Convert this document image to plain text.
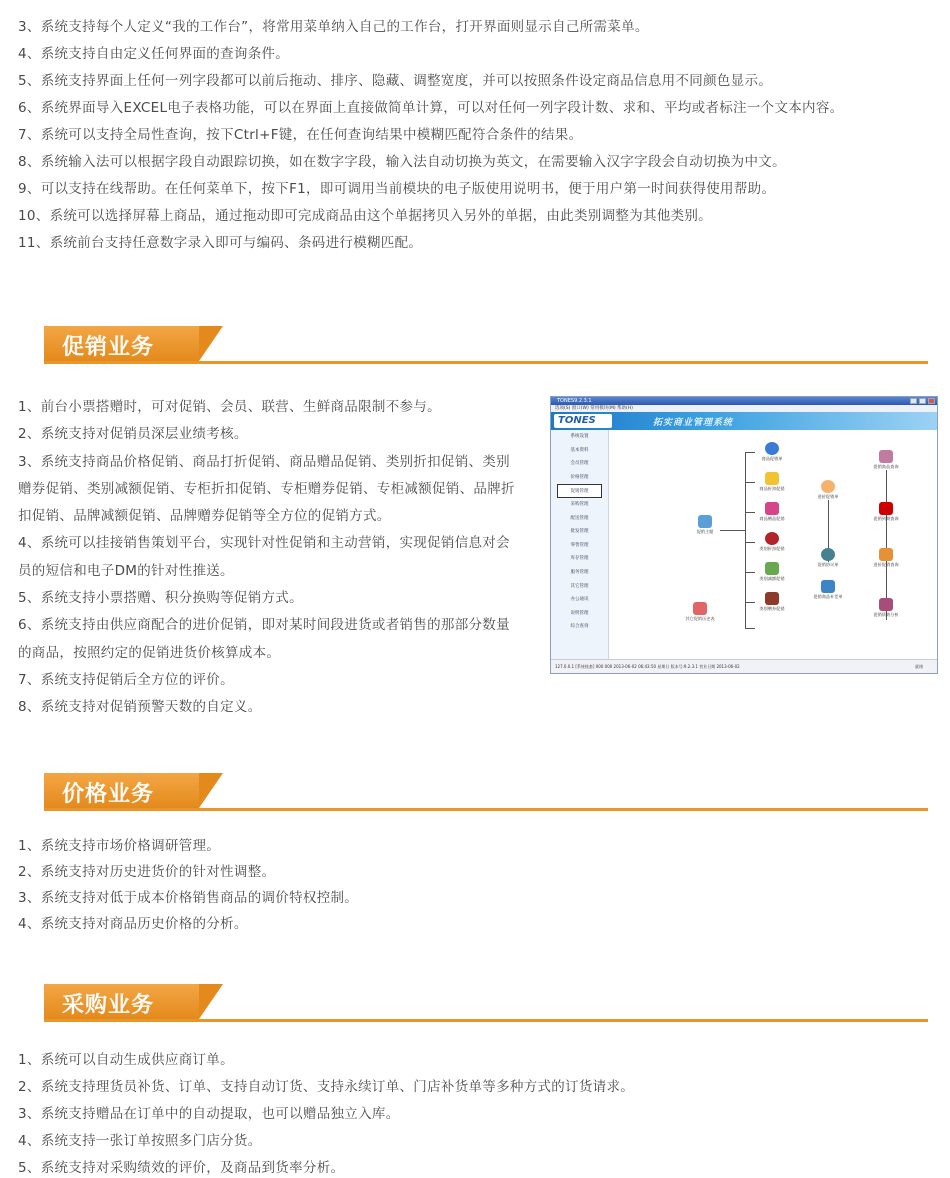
3、系统支持每个人定义“我的工作台”，将常用菜单纳入自己的工作台，打开界面则显示自己所需菜单。
4、系统支持自由定义任何界面的查询条件。
5、系统支持界面上任何一列字段都可以前后拖动、排序、隐藏、调整宽度，并可以按照条件设定商品信息用不同颜色显示。
6、系统界面导入EXCEL电子表格功能，可以在界面上直接做简单计算，可以对任何一列字段计数、求和、平均或者标注一个文本内容。
7、系统可以支持全局性查询，按下Ctrl+F键，在任何查询结果中模糊匹配符合条件的结果。
8、系统输入法可以根据字段自动跟踪切换，如在数字字段，输入法自动切换为英文，在需要输入汉字字段会自动切换为中文。
9、可以支持在线帮助。在任何菜单下，按下F1，即可调用当前模块的电子版使用说明书，便于用户第一时间获得使用帮助。
10、系统可以选择屏幕上商品，通过拖动即可完成商品由这个单据拷贝入另外的单据，由此类别调整为其他类别。
11、系统前台支持任意数字录入即可与编码、条码进行模糊匹配。
促销业务

1、前台小票搭赠时，可对促销、会员、联营、生鲜商品限制不参与。

2、系统支持对促销员深层业绩考核。

3、系统支持商品价格促销、商品打折促销、商品赠品促销、类别折扣促销、类别赠券促销、类别减额促销、专柜折扣促销、专柜赠券促销、专柜减额促销、品牌折扣促销、品牌减额促销、品牌赠券促销等全方位的促销方式。

4、系统可以挂接销售策划平台，实现针对性促销和主动营销，实现促销信息对会员的短信和电子DM的针对性推送。

5、系统支持小票搭赠、积分换购等促销方式。

6、系统支持由供应商配合的进价促销，即对某时间段进货或者销售的那部分数量的商品，按照约定的促销进货价核算成本。

7、系统支持促销后全方位的评价。

8、系统支持对促销预警天数的自定义。

TONES9.2.3.1
选项(S) 窗口(W) 常用模块(M) 帮助(H)
TONES	拓实商业管理系统
系统设置
基本资料
会员管理
价格管理
促销管理
采购管理
配送管理
批发管理
零售管理
库存管理
服务管理
其它管理
办公通讯
说明管理
综合查询
促销主题
商品促销单
商品折扣促销
商品赠品促销
类别折扣促销
类别减额促销
类别赠券促销
其它促销历史表
进价促销单
促销协议单
促销商品补差单
促销商品查询
促销到期查询
进价促销查询
促销绩效分析
127.0.0.1 [系统账套] 000 000 2013-06-02 06:43:50 星期日 版本号:9.2.3.1 营业日期 2013-06-02	就绪
价格业务
1、系统支持市场价格调研管理。
2、系统支持对历史进货价的针对性调整。
3、系统支持对低于成本价格销售商品的调价特权控制。
4、系统支持对商品历史价格的分析。
采购业务
1、系统可以自动生成供应商订单。
2、系统支持理货员补货、订单、支持自动订货、支持永续订单、门店补货单等多种方式的订货请求。
3、系统支持赠品在订单中的自动提取，也可以赠品独立入库。
4、系统支持一张订单按照多门店分货。
5、系统支持对采购绩效的评价，及商品到货率分析。
